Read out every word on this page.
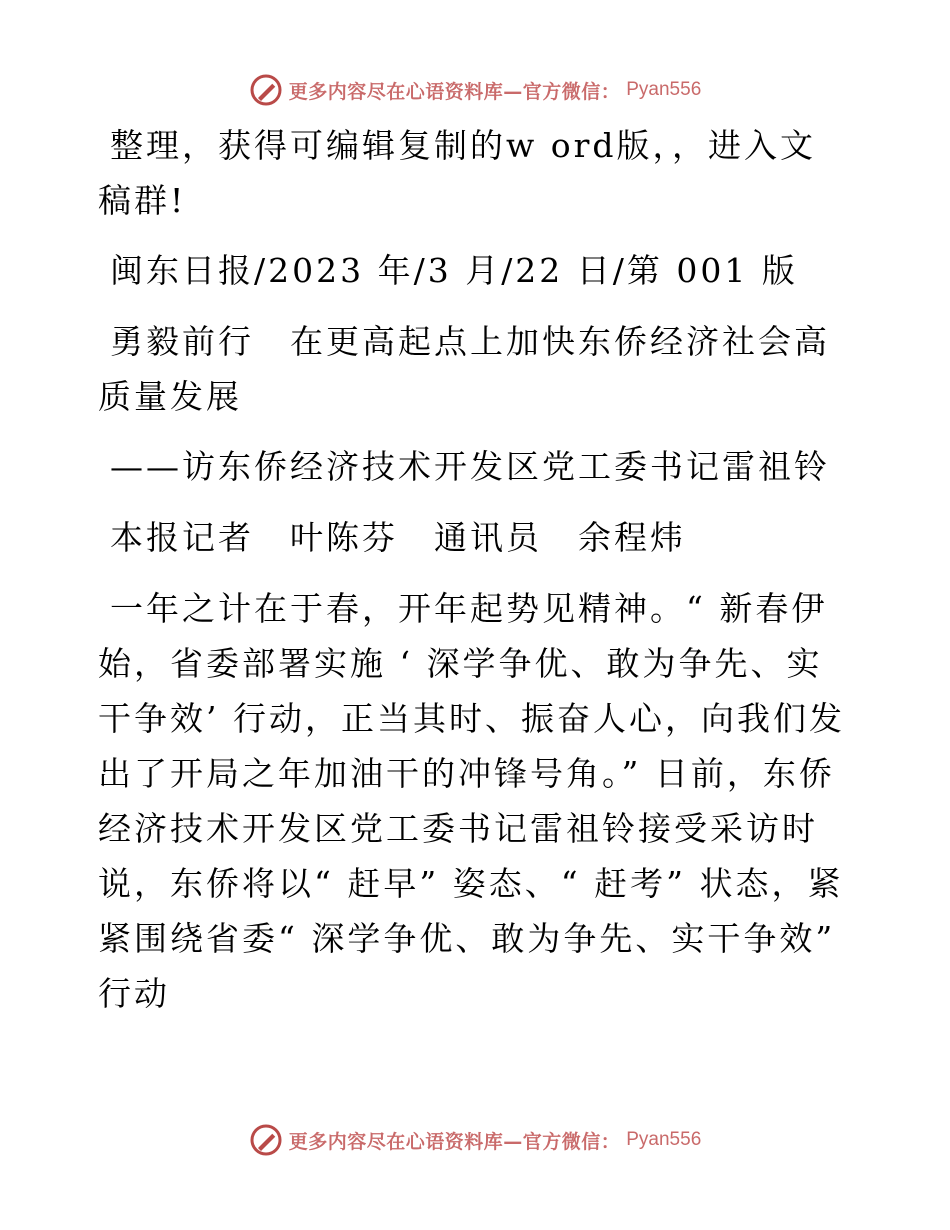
更多内容尽在心语资料库—官方微信： Pyan556

整理，获得可编辑复制的w ord版，，进入文稿群!

闽东日报/2023 年/3 月/22 日/第 001 版

勇毅前行　在更高起点上加快东侨经济社会高质量发展

——访东侨经济技术开发区党工委书记雷祖铃

本报记者　叶陈芬　通讯员　余程炜

一年之计在于春，开年起势见精神。“ 新春伊始，省委部署实施 ‘ 深学争优、敢为争先、实干争效’ 行动，正当其时、振奋人心，向我们发出了开局之年加油干的冲锋号角。” 日前，东侨经济技术开发区党工委书记雷祖铃接受采访时说，东侨将以“ 赶早” 姿态、“ 赶考” 状态，紧紧围绕省委“ 深学争优、敢为争先、实干争效” 行动

更多内容尽在心语资料库—官方微信： Pyan556
